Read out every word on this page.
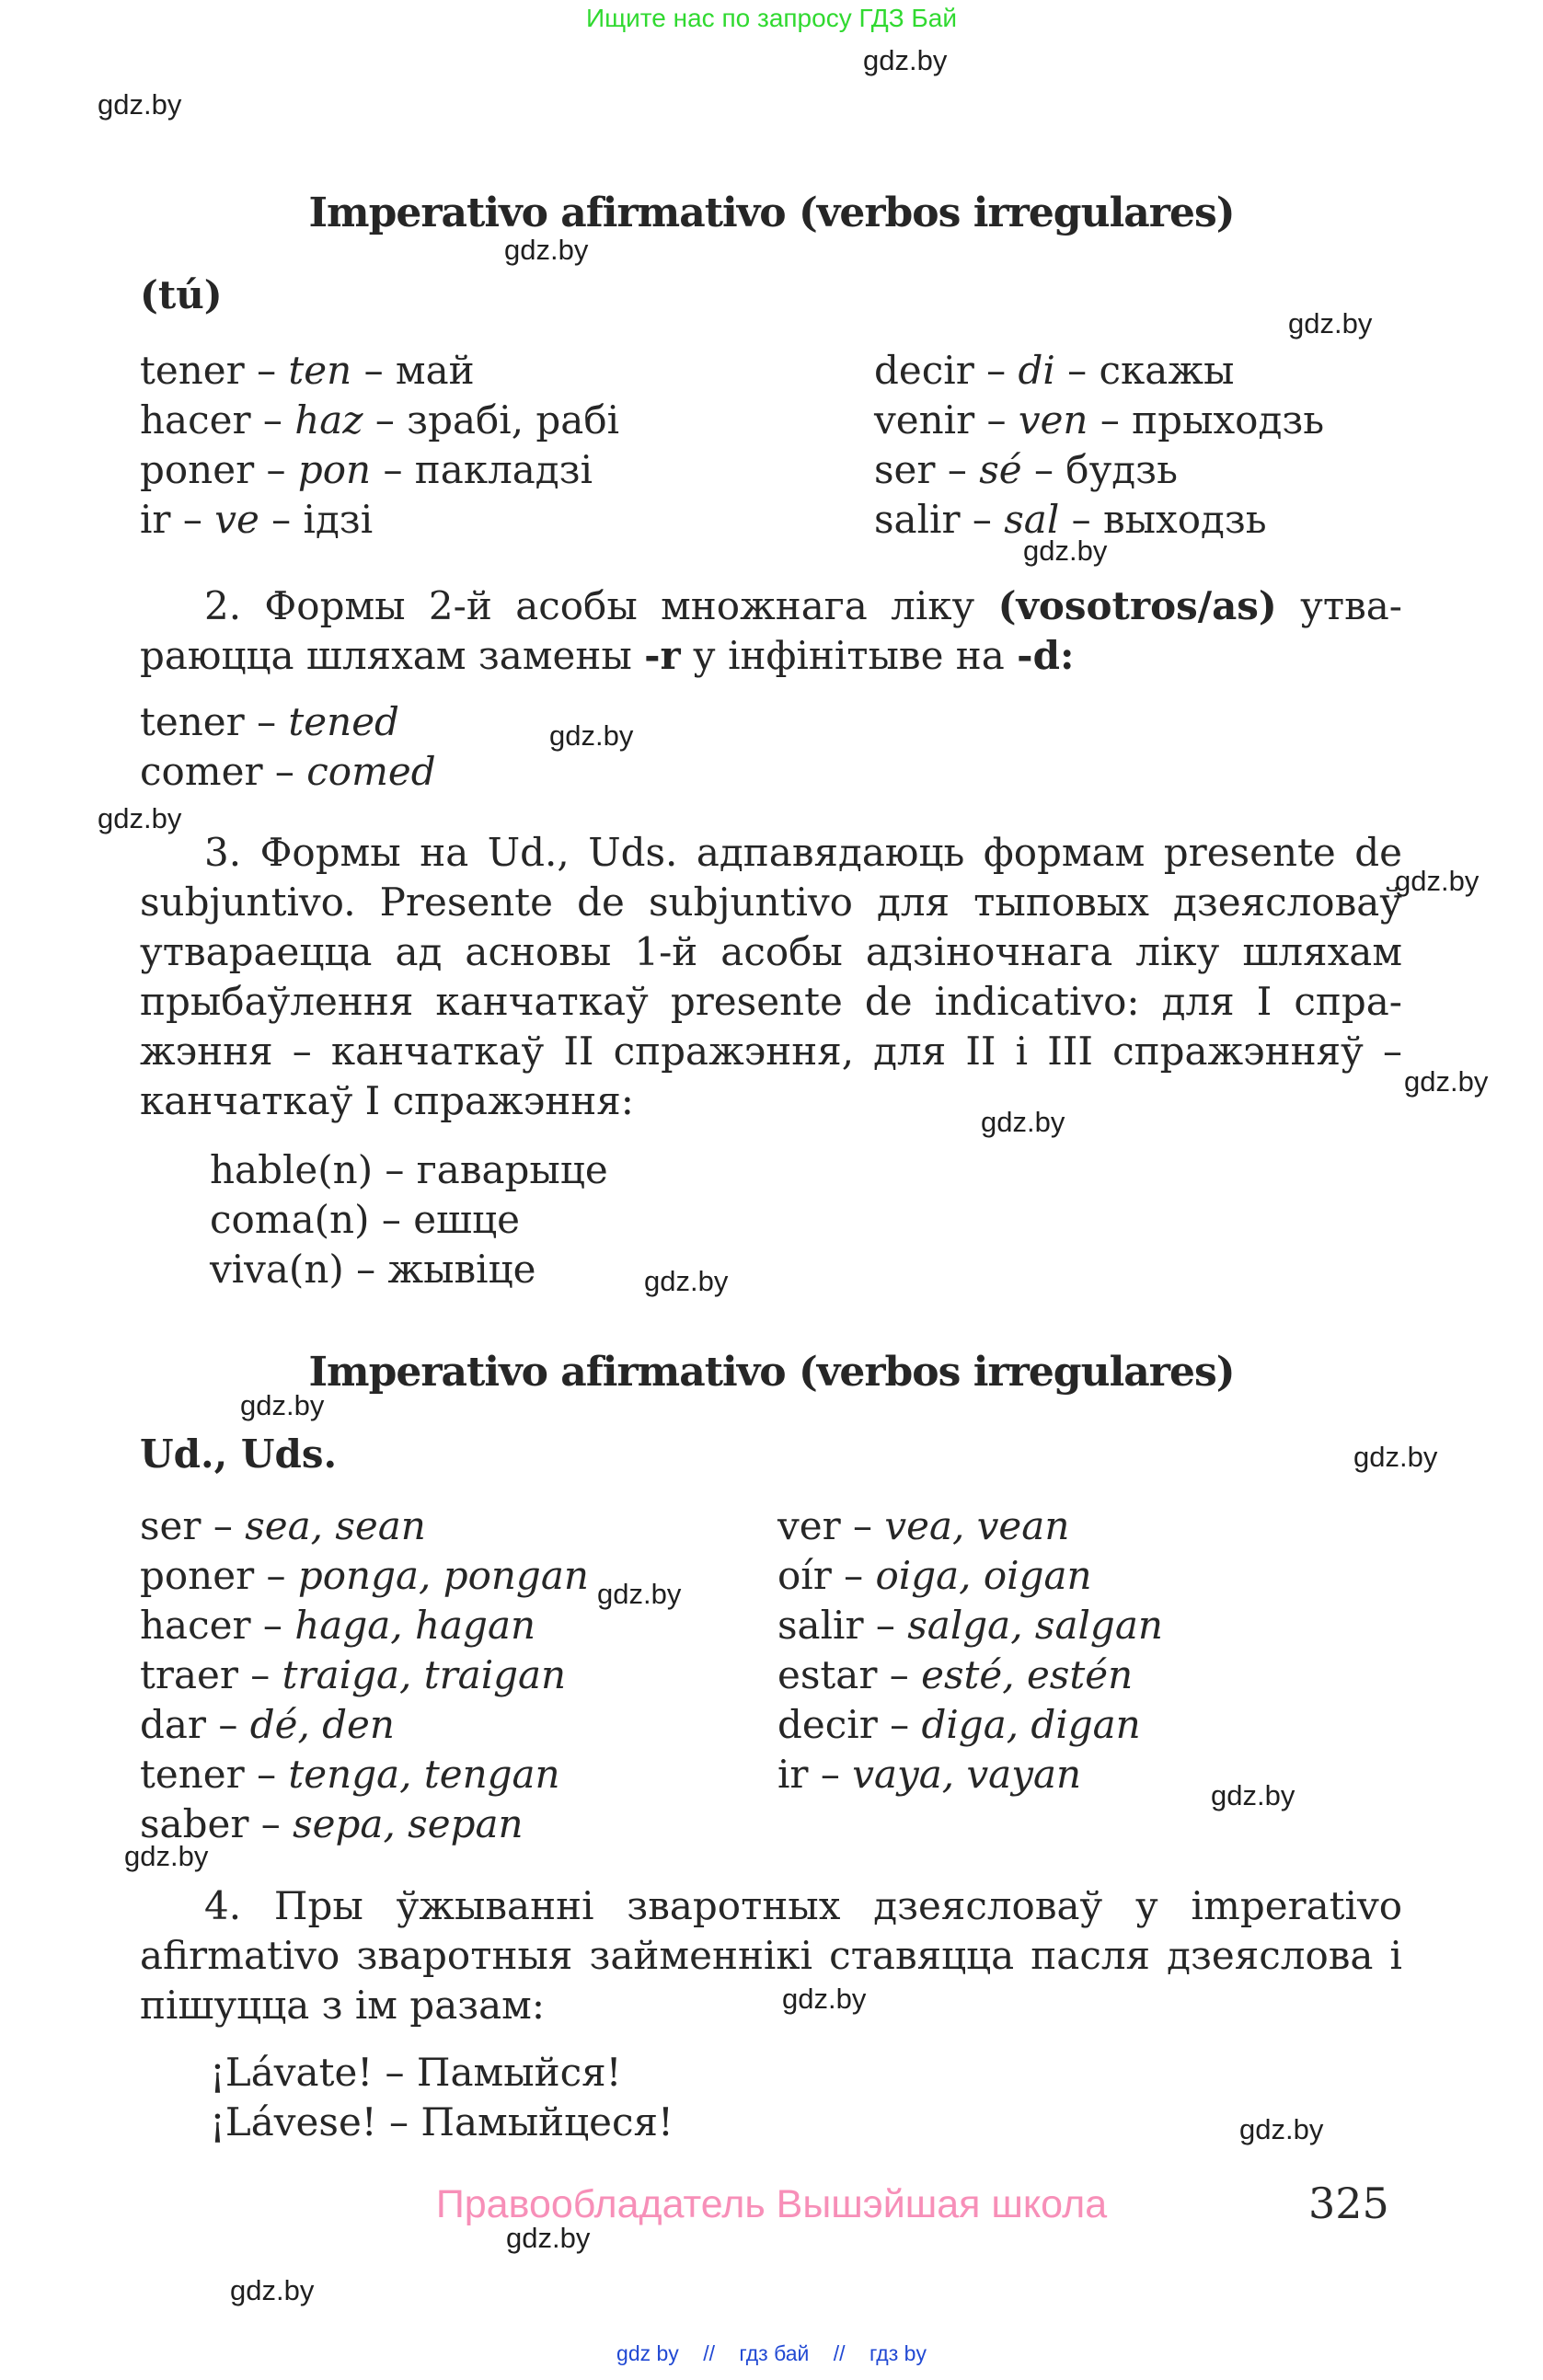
Ищите нас по запросу ГДЗ Бай
gdz.by
gdz.by
gdz.by
gdz.by
gdz.by
gdz.by
gdz.by
gdz.by
gdz.by
gdz.by
gdz.by
gdz.by
gdz.by
gdz.by
gdz.by
gdz.by
gdz.by
gdz.by
gdz.by
gdz.by
Imperativo afirmativo (verbos irregulares)
(tú)
tener – ten – май
hacer – haz – зрабі, рабі
poner – pon – пакладзі
ir – ve – ідзі
decir – di – скажы
venir – ven – прыходзь
ser – sé – будзь
salir – sal – выходзь
2. Формы 2-й асобы множнага ліку (vosotros/as) утва-
раюцца шляхам замены -r у інфінітыве на -d:
tener – tened
comer – comed
3. Формы на Ud., Uds. адпавядаюць формам presente de
subjuntivo. Presente de subjuntivo для тыповых дзеясловаў
утвараецца ад асновы 1-й асобы адзіночнага ліку шляхам
прыбаўлення канчаткаў presente de indicativo: для I спра-
жэння – канчаткаў II спражэння, для II і III спражэнняў –
канчаткаў I спражэння:
hable(n) – гаварыце
coma(n) – ешце
viva(n) – жывіце
Imperativo afirmativo (verbos irregulares)
Ud., Uds.
ser – sea, sean
poner – ponga, pongan
hacer – haga, hagan
traer – traiga, traigan
dar – dé, den
tener – tenga, tengan
saber – sepa, sepan
ver – vea, vean
oír – oiga, oigan
salir – salga, salgan
estar – esté, estén
decir – diga, digan
ir – vaya, vayan
4. Пры ўжыванні зваротных дзеясловаў у imperativo
afirmativo зваротныя займеннікі ставяцца пасля дзеяслова і
пішуцца з ім разам:
¡Lávate! – Памыйся!
¡Lávese! – Памыйцеся!
Правообладатель Вышэйшая школа	325
gdz by // гдз бай // гдз by
